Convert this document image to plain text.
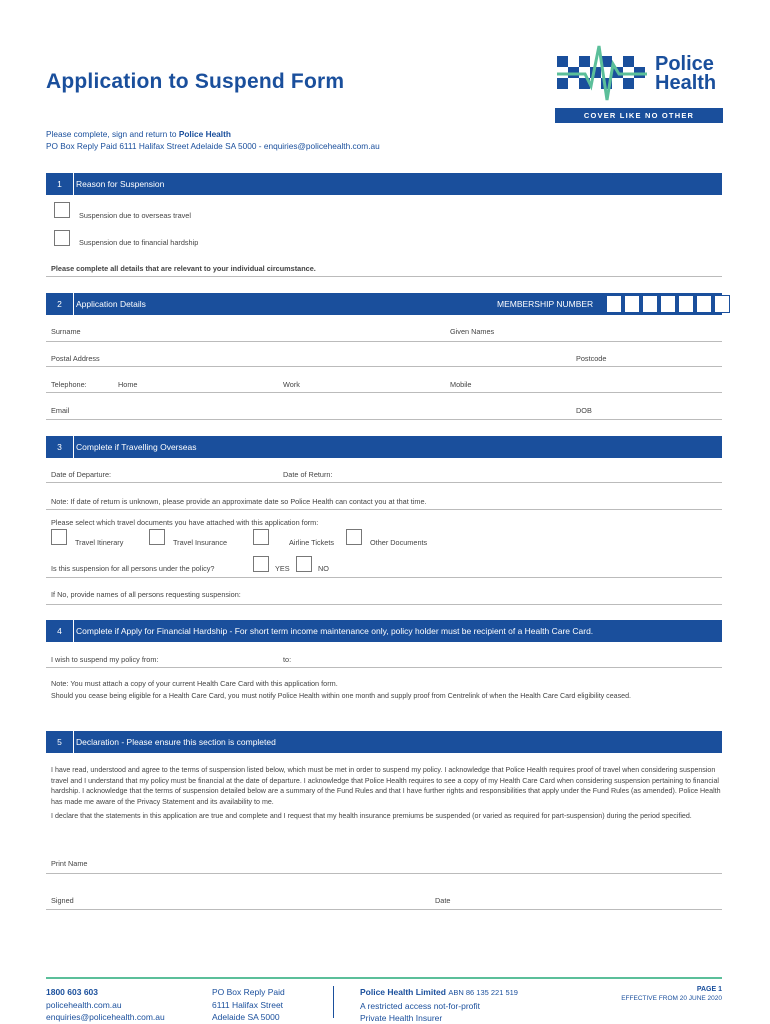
Application to Suspend Form
Please complete, sign and return to Police Health
PO Box Reply Paid 6111 Halifax Street Adelaide SA 5000 - enquiries@policehealth.com.au
Police
Health
COVER LIKE NO OTHER
1	Reason for Suspension
Suspension due to overseas travel
Suspension due to financial hardship
Please complete all details that are relevant to your individual circumstance.
2	Application Details	MEMBERSHIP NUMBER
Surname	Given Names
Postal Address	Postcode
Telephone:	Home	Work	Mobile
Email	DOB
3	Complete if Travelling Overseas
Date of Departure:	Date of Return:
Note: If date of return is unknown, please provide an approximate date so Police Health can contact you at that time.
Please select which travel documents you have attached with this application form:
Travel Itinerary	Travel Insurance	Airline Tickets	Other Documents
Is this suspension for all persons under the policy?	YES	NO
If No, provide names of all persons requesting suspension:
4	Complete if Apply for Financial Hardship - For short term income maintenance only, policy holder must be recipient of a Health Care Card.
I wish to suspend my policy from:	to:
Note: You must attach a copy of your current Health Care Card with this application form.
Should you cease being eligible for a Health Care Card, you must notify Police Health within one month and supply proof from Centrelink of when the Health Care Card eligibility ceased.
5	Declaration - Please ensure this section is completed
I have read, understood and agree to the terms of suspension listed below, which must be met in order to suspend my policy. I acknowledge that Police Health requires proof of travel when considering suspension travel and I understand that my policy must be financial at the date of departure. I acknowledge that Police Health requires to see a copy of my Health Care Card when considering suspension pertaining to financial hardship. I acknowledge that the terms of suspension detailed below are a summary of the Fund Rules and that I have further rights and responsibilities that apply under the Fund Rules (as amended). Police Health has made me aware of the Privacy Statement and its availability to me.
I declare that the statements in this application are true and complete and I request that my health insurance premiums be suspended (or varied as required for part-suspension) during the period specified.
Print Name
Signed	Date
1800 603 603
policehealth.com.au
enquiries@policehealth.com.au
PO Box Reply Paid
6111 Halifax Street
Adelaide SA 5000
Police Health Limited ABN 86 135 221 519
A restricted access not-for-profit
Private Health Insurer
PAGE 1
EFFECTIVE FROM 20 JUNE 2020
